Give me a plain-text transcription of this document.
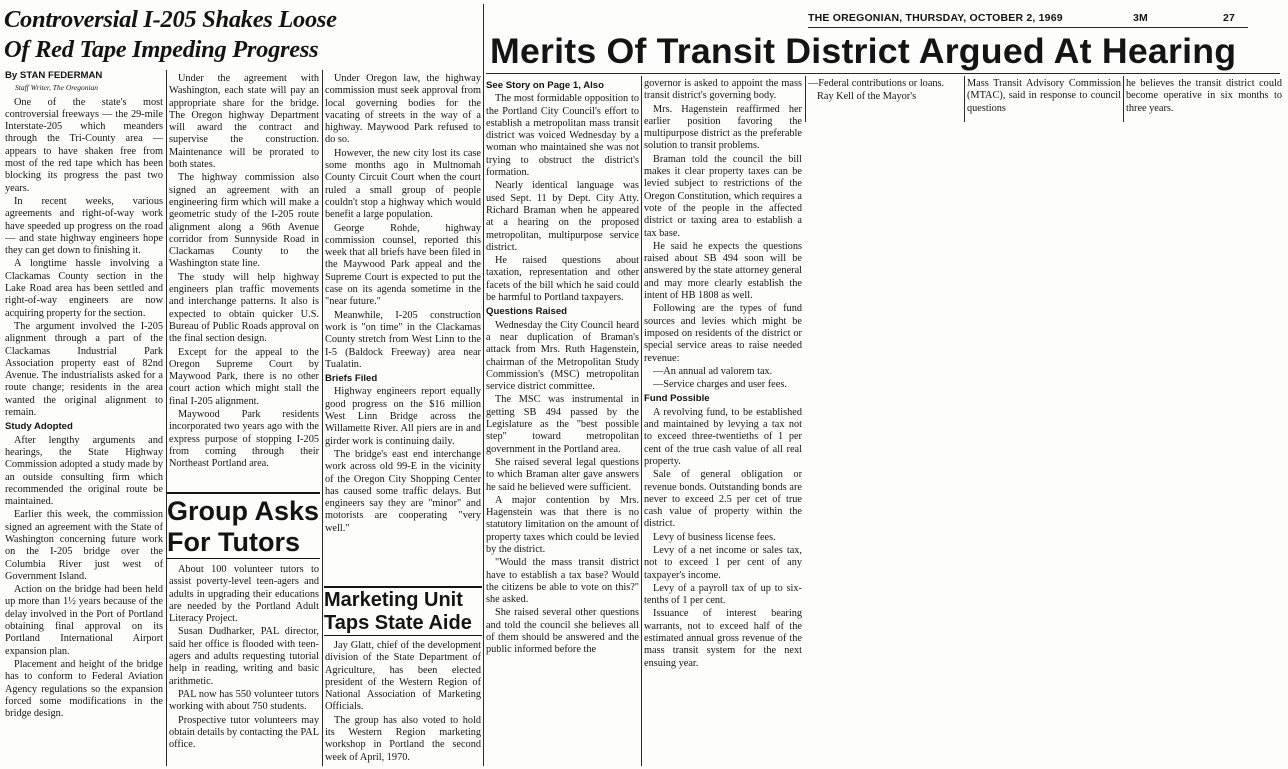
Controversial I-205 Shakes Loose
Of Red Tape Impeding Progress
THE OREGONIAN, THURSDAY, OCTOBER 2, 1969	3M	27
Merits Of Transit District Argued At Hearing
By STAN FEDERMAN
Staff Writer, The Oregonian

One of the state's most controversial freeways — the 29-mile Interstate-205 which meanders through the Tri-County area — appears to have shaken free from most of the red tape which has been blocking its progress the past two years.

In recent weeks, various agreements and right-of-way work have speeded up progress on the road — and state highway engineers hope they can get down to finishing it.

A longtime hassle involving a Clackamas County section in the Lake Road area has been settled and right-of-way engineers are now acquiring property for the section.

The argument involved the I-205 alignment through a part of the Clackamas Industrial Park Association property east of 82nd Avenue. The industrialists asked for a route change; residents in the area wanted the original alignment to remain.

Study Adopted

After lengthy arguments and hearings, the State Highway Commission adopted a study made by an outside consulting firm which recommended the original route be maintained.

Earlier this week, the commission signed an agreement with the State of Washington concerning future work on the I-205 bridge over the Columbia River just west of Government Island.

Action on the bridge had been held up more than 1½ years because of the delay involved in the Port of Portland obtaining final approval on its Portland International Airport expansion plan.

Placement and height of the bridge has to conform to Federal Aviation Agency regulations so the expansion forced some modifications in the bridge design.

Under the agreement with Washington, each state will pay an appropriate share for the bridge. The Oregon highway Department will award the contract and supervise the construction. Maintenance will be prorated to both states.

The highway commission also signed an agreement with an engineering firm which will make a geometric study of the I-205 route alignment along a 96th Avenue corridor from Sunnyside Road in Clackamas County to the Washington state line.

The study will help highway engineers plan traffic movements and interchange patterns. It also is expected to obtain quicker U.S. Bureau of Public Roads approval on the final section design.

Except for the appeal to the Oregon Supreme Court by Maywood Park, there is no other court action which might stall the final I-205 alignment.

Maywood Park residents incorporated two years ago with the express purpose of stopping I-205 from coming through their Northeast Portland area.

Under Oregon law, the highway commission must seek approval from local governing bodies for the vacating of streets in the way of a highway. Maywood Park refused to do so.

However, the new city lost its case some months ago in Multnomah County Circuit Court when the court ruled a small group of people couldn't stop a highway which would benefit a large population.

George Rohde, highway commission counsel, reported this week that all briefs have been filed in the Maywood Park appeal and the Supreme Court is expected to put the case on its agenda sometime in the "near future."

Meanwhile, I-205 construction work is "on time" in the Clackamas County stretch from West Linn to the I-5 (Baldock Freeway) area near Tualatin.

Briefs Filed

Highway engineers report equally good progress on the $16 million West Linn Bridge across the Willamette River. All piers are in and girder work is continuing daily.

The bridge's east end interchange work across old 99-E in the vicinity of the Oregon City Shopping Center has caused some traffic delays. But engineers say they are "minor" and motorists are cooperating "very well."

Group Asks
For Tutors

About 100 volunteer tutors to assist poverty-level teen-agers and adults in upgrading their educations are needed by the Portland Adult Literacy Project.

Susan Dudharker, PAL director, said her office is flooded with teen-agers and adults requesting tutorial help in reading, writing and basic arithmetic.

PAL now has 550 volunteer tutors working with about 750 students.

Prospective tutor volunteers may obtain details by contacting the PAL office.

Marketing Unit
Taps State Aide

Jay Glatt, chief of the development division of the State Department of Agriculture, has been elected president of the Western Region of National Association of Marketing Officials.

The group has also voted to hold its Western Region marketing workshop in Portland the second week of April, 1970.

See Story on Page 1, Also

The most formidable opposition to the Portland City Council's effort to establish a metropolitan mass transit district was voiced Wednesday by a woman who maintained she was not trying to obstruct the district's formation.

Nearly identical language was used Sept. 11 by Dept. City Atty. Richard Braman when he appeared at a hearing on the proposed metropolitan, multipurpose service district.

He raised questions about taxation, representation and other facets of the bill which he said could be harmful to Portland taxpayers.

Questions Raised

Wednesday the City Council heard a near duplication of Braman's attack from Mrs. Ruth Hagenstein, chairman of the Metropolitan Study Commission's (MSC) metropolitan service district committee.

The MSC was instrumental in getting SB 494 passed by the Legislature as the "best possible step" toward metropolitan government in the Portland area.

She raised several legal questions to which Braman alter gave answers he said he believed were sufficient.

A major contention by Mrs. Hagenstein was that there is no statutory limitation on the amount of property taxes which could be levied by the district.

"Would the mass transit district have to establish a tax base? Would the citizens be able to vote on this?" she asked.

She raised several other questions and told the council she believes all of them should be answered and the public informed before the

governor is asked to appoint the mass transit district's governing body.

Mrs. Hagenstein reaffirmed her earlier position favoring the multipurpose district as the preferable solution to transit problems.

Braman told the council the bill makes it clear property taxes can be levied subject to restrictions of the Oregon Constitution, which requires a vote of the people in the affected district or taxing area to establish a tax base.

He said he expects the questions raised about SB 494 soon will be answered by the state attorney general and may more clearly establish the intent of HB 1808 as well.

Following are the types of fund sources and levies which might be imposed on residents of the district or special service areas to raise needed revenue:

—An annual ad valorem tax.

—Service charges and user fees.

Fund Possible

A revolving fund, to be established and maintained by levying a tax not to exceed three-twentieths of 1 per cent of the true cash value of all real property.

Sale of general obligation or revenue bonds. Outstanding bonds are never to exceed 2.5 per cet of true cash value of property within the district.

Levy of business license fees.

Levy of a net income or sales tax, not to exceed 1 per cent of any taxpayer's income.

Levy of a payroll tax of up to six-tenths of 1 per cent.

Issuance of interest bearing warrants, not to exceed half of the estimated annual gross revenue of the mass transit system for the next ensuing year.

—Federal contributions or loans.

Ray Kell of the Mayor's

Mass Transit Advisory Commission (MTAC), said in response to council questions

he believes the transit district could become operative in six months to three years.
